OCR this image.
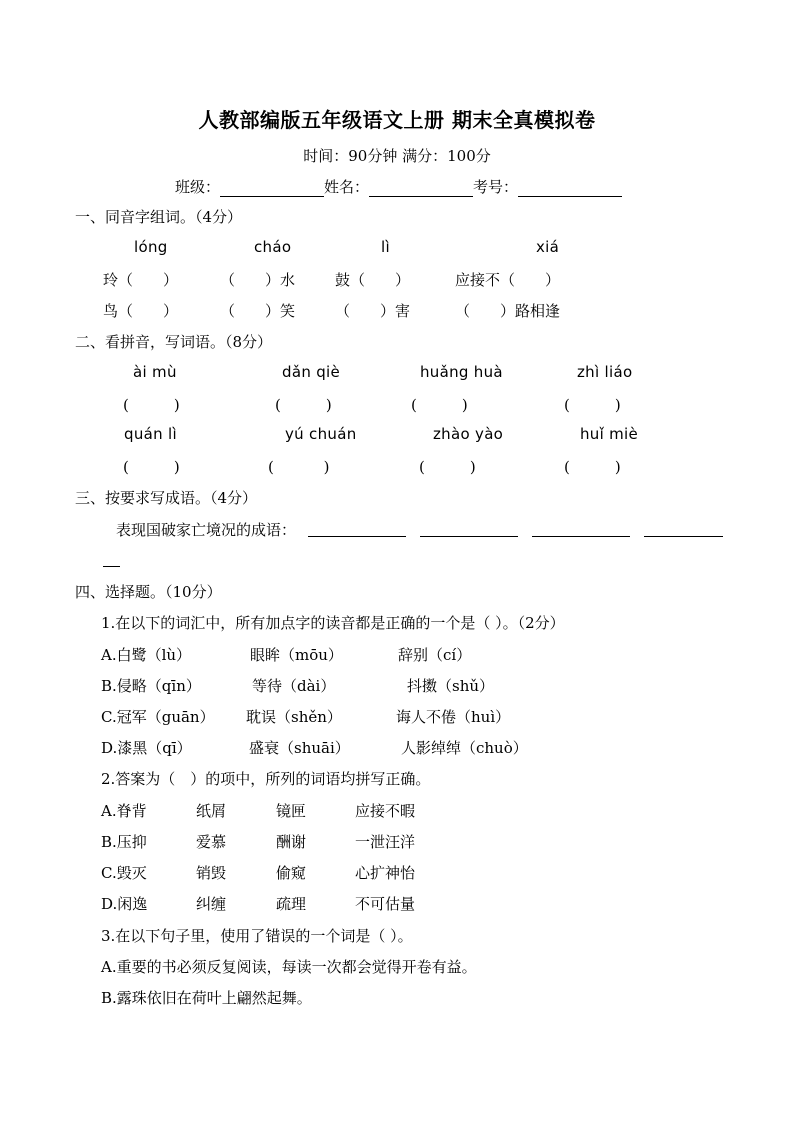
人教部编版五年级语文上册 期末全真模拟卷
时间：90分钟 满分：100分
班级：	姓名：	考号：
一、同音字组词。（4分）
lóng	cháo	lì	xiá
玲（　　）	（　　）水	鼓（　　）	应接不（　　）
鸟（　　）	（　　）笑	（　　）害	（　　）路相逢
二、看拼音，写词语。（8分）
ài mù	dǎn qiè	huǎng huà	zhì liáo
(　　　)	(　　　)	(　　　)	(　　　)
quán lì	yú chuán	zhào yào	huǐ miè
(　　　)	(　　　 )	(　　　)	(　　　)
三、按要求写成语。（4分）
表现国破家亡境况的成语：
四、选择题。（10分）
1.在以下的词汇中，所有加点字的读音都是正确的一个是（ ）。（2分）
A.白鹭（lù）	眼眸（mōu）	辞别（cí）
B.侵略（qīn）	等待（dài）	抖擞（shǔ）
C.冠军（guān） 耽误（shěn）	诲人不倦（huì）
D.漆黑（qī）	盛衰（shuāi）	人影绰绰（chuò）
2.答案为（　）的项中，所列的词语均拼写正确。
A.脊背	纸屑	镜匣	应接不暇
B.压抑	爱慕	酬谢	一泄汪洋
C.毁灭	销毁	偷窥	心扩神怡
D.闲逸	纠缠	疏理	不可估量
3.在以下句子里，使用了错误的一个词是（ ）。
A.重要的书必须反复阅读，每读一次都会觉得开卷有益。
B.露珠依旧在荷叶上翩然起舞。
